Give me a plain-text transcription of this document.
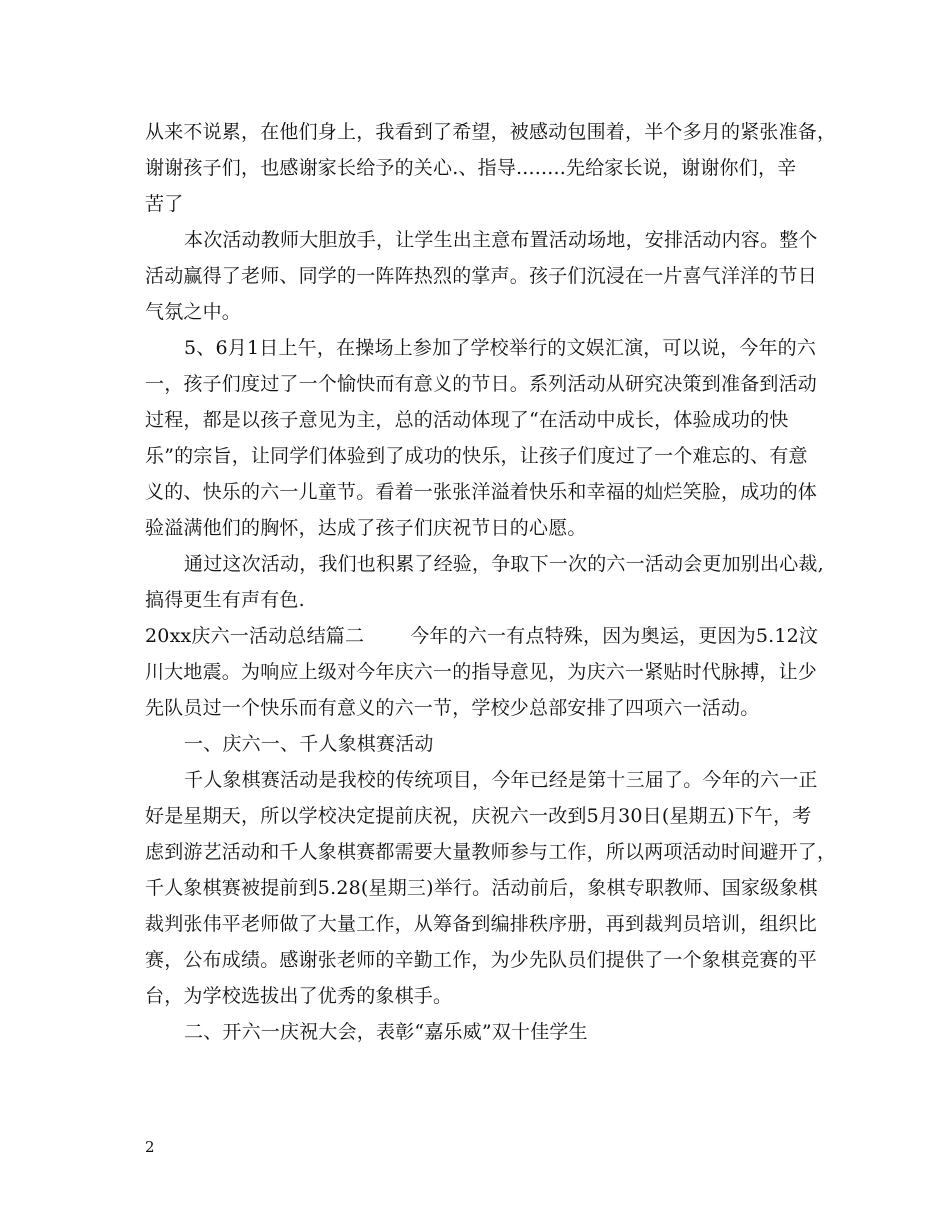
从来不说累，在他们身上，我看到了希望，被感动包围着，半个多月的紧张准备，
谢谢孩子们，也感谢家长给予的关心.、指导........先给家长说，谢谢你们，辛
苦了
本次活动教师大胆放手，让学生出主意布置活动场地，安排活动内容。整个
活动赢得了老师、同学的一阵阵热烈的掌声。孩子们沉浸在一片喜气洋洋的节日
气氛之中。
5、6月1日上午，在操场上参加了学校举行的文娱汇演，可以说，今年的六
一，孩子们度过了一个愉快而有意义的节日。系列活动从研究决策到准备到活动
过程，都是以孩子意见为主，总的活动体现了“在活动中成长，体验成功的快
乐”的宗旨，让同学们体验到了成功的快乐，让孩子们度过了一个难忘的、有意
义的、快乐的六一儿童节。看着一张张洋溢着快乐和幸福的灿烂笑脸，成功的体
验溢满他们的胸怀，达成了孩子们庆祝节日的心愿。
通过这次活动，我们也积累了经验，争取下一次的六一活动会更加别出心裁,
搞得更生有声有色.
20xx庆六一活动总结篇二 今年的六一有点特殊，因为奥运，更因为5.12汶
川大地震。为响应上级对今年庆六一的指导意见，为庆六一紧贴时代脉搏，让少
先队员过一个快乐而有意义的六一节，学校少总部安排了四项六一活动。
一、庆六一、千人象棋赛活动
千人象棋赛活动是我校的传统项目，今年已经是第十三届了。今年的六一正
好是星期天，所以学校决定提前庆祝，庆祝六一改到5月30日(星期五)下午，考
虑到游艺活动和千人象棋赛都需要大量教师参与工作，所以两项活动时间避开了，
千人象棋赛被提前到5.28(星期三)举行。活动前后，象棋专职教师、国家级象棋
裁判张伟平老师做了大量工作，从筹备到编排秩序册，再到裁判员培训，组织比
赛，公布成绩。感谢张老师的辛勤工作，为少先队员们提供了一个象棋竞赛的平
台，为学校选拔出了优秀的象棋手。
二、开六一庆祝大会，表彰“嘉乐威”双十佳学生
2
